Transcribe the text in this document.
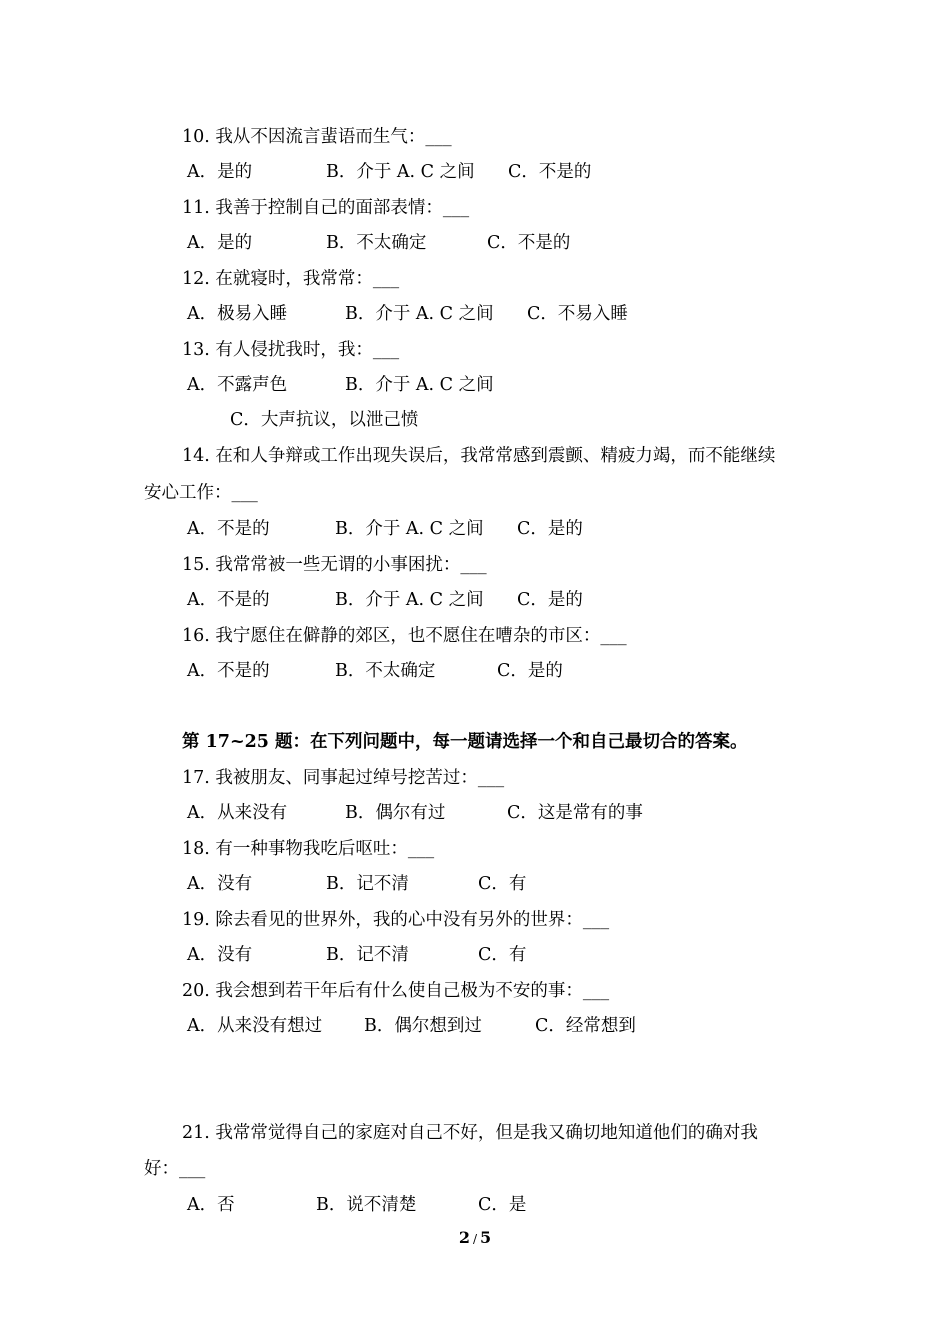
10. 我从不因流言蜚语而生气：___
A．是的	B．介于 A. C 之间 C．不是的
11. 我善于控制自己的面部表情：___
A．是的	B．不太确定	C．不是的
12. 在就寝时，我常常：___
A．极易入睡	B．介于 A. C 之间 C．不易入睡
13. 有人侵扰我时，我：___
A．不露声色	B．介于 A. C 之间
C．大声抗议，以泄己愤
14. 在和人争辩或工作出现失误后，我常常感到震颤、精疲力竭，而不能继续
安心工作：___
A．不是的	B．介于 A. C 之间 C．是的
15. 我常常被一些无谓的小事困扰：___
A．不是的	B．介于 A. C 之间 C．是的
16. 我宁愿住在僻静的郊区，也不愿住在嘈杂的市区：___
A．不是的	B．不太确定	C．是的
第 17~25 题：在下列问题中，每一题请选择一个和自己最切合的答案。
17. 我被朋友、同事起过绰号挖苦过：___
A．从来没有	B．偶尔有过	C．这是常有的事
18. 有一种事物我吃后呕吐：___
A．没有	B．记不清	C．有
19. 除去看见的世界外，我的心中没有另外的世界：___
A．没有	B．记不清	C．有
20. 我会想到若干年后有什么使自己极为不安的事：___
A．从来没有想过 B．偶尔想到过	C．经常想到
21. 我常常觉得自己的家庭对自己不好，但是我又确切地知道他们的确对我
好：___
A．否	B．说不清楚	C．是
2 / 5
